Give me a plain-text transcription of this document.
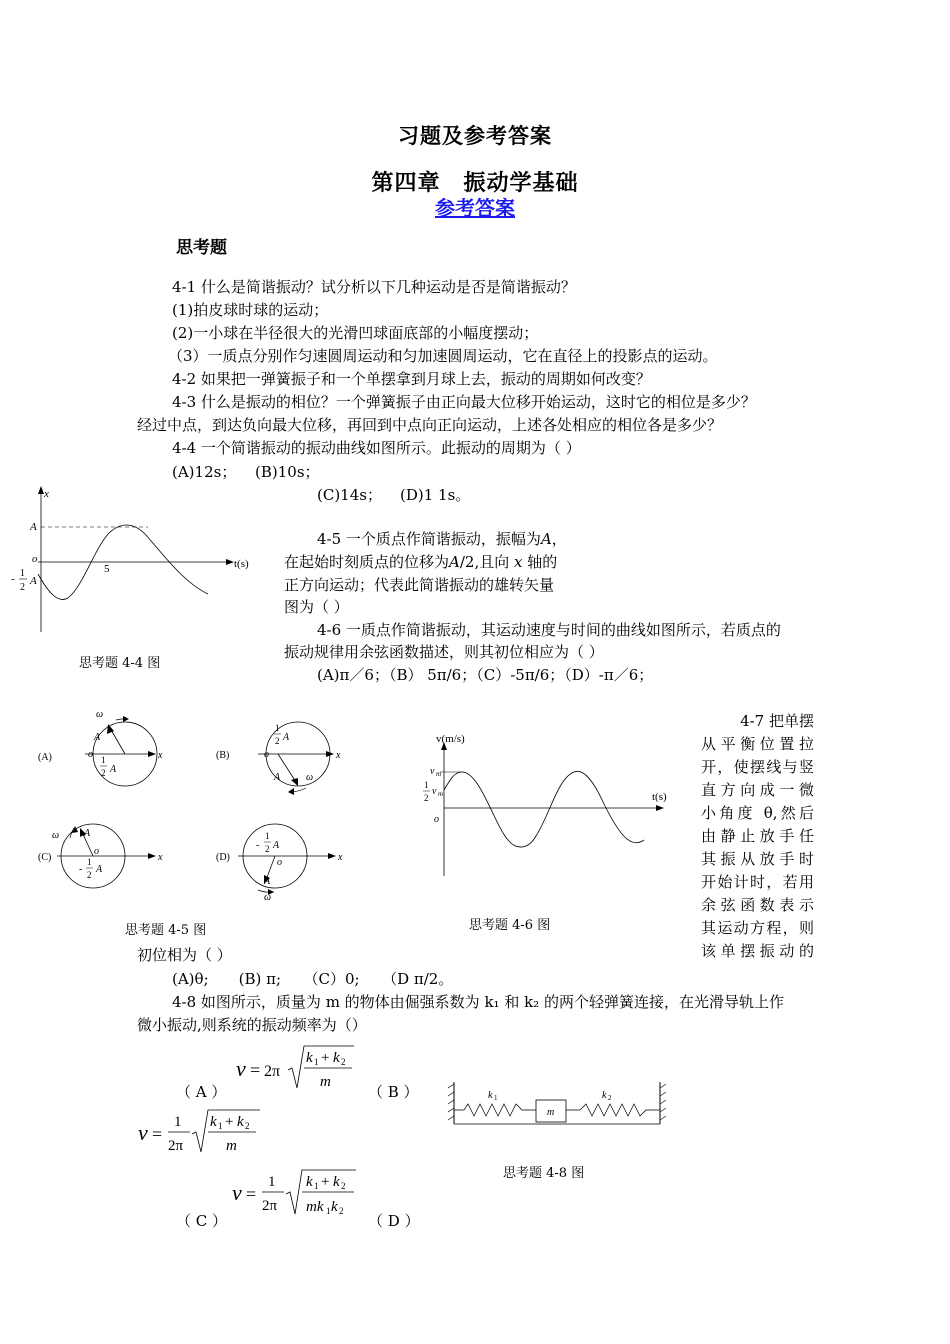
习题及参考答案
第四章　振动学基础
参考答案
思考题
4-1 什么是简谐振动？试分析以下几种运动是否是简谐振动？
(1)拍皮球时球的运动；
(2)一小球在半径很大的光滑凹球面底部的小幅度摆动；
（3）一质点分别作匀速圆周运动和匀加速圆周运动，它在直径上的投影点的运动。
4-2 如果把一弹簧振子和一个单摆拿到月球上去，振动的周期如何改变？
4-3 什么是振动的相位？一个弹簧振子由正向最大位移开始运动，这时它的相位是多少？
经过中点，到达负向最大位移，再回到中点向正向运动，上述各处相应的相位各是多少？
4-4 一个简谐振动的振动曲线如图所示。此振动的周期为（ ）
(A)12s； (B)10s；
(C)14s； (D)1 1s。
x
A
o
5	t(s)
- 1
2
A
思考题 4-4 图
4-5 一个质点作简谐振动，振幅为A，
在起始时刻质点的位移为A/2,且向 x 轴的
正方向运动；代表此简谐振动的雄转矢量
图为（ ）
4-6 一质点作简谐振动，其运动速度与时间的曲线如图所示，若质点的
振动规律用余弦函数描述，则其初位相应为（ ）
(A)π／6；（B） 5π/6；（C）-5π/6；（D）-π／6；
(A)
ω
A
o	x
1
2 A
(B)
1
2 A
o	x
A	ω
(C)
ω A
o
x
-
1
2 A
(D)
-
1
2 A
o	x
A
ω
思考题 4-5 图
v(m/s)
v m
1
2
v m
o
t(s)
思考题 4-6 图
4-7 把单摆
从平衡位置拉
开，使摆线与竖
直方向成一微
小角度 θ,然后
由静止放手任
其振从放手时
开始计时，若用
余弦函数表示
其运动方程，则
该单摆振动的
初位相为（ ）
(A)θ;　　(B) π;　　（C）0;　　（D π/2。
4-8 如图所示，质量为 m 的物体由倔强系数为 k₁ 和 k₂ 的两个轻弹簧连接，在光滑导轨上作
微小振动,则系统的振动频率为（）
ν = 2π
k 1 + k 2
m
（ A ）	（ B ）
ν =
1
2π
k 1 + k 2
m
ν =
1
2π
k 1 + k 2
mk 1 k 2
（ C ）	（ D ）
k 1	k 2
m
思考题 4-8 图
